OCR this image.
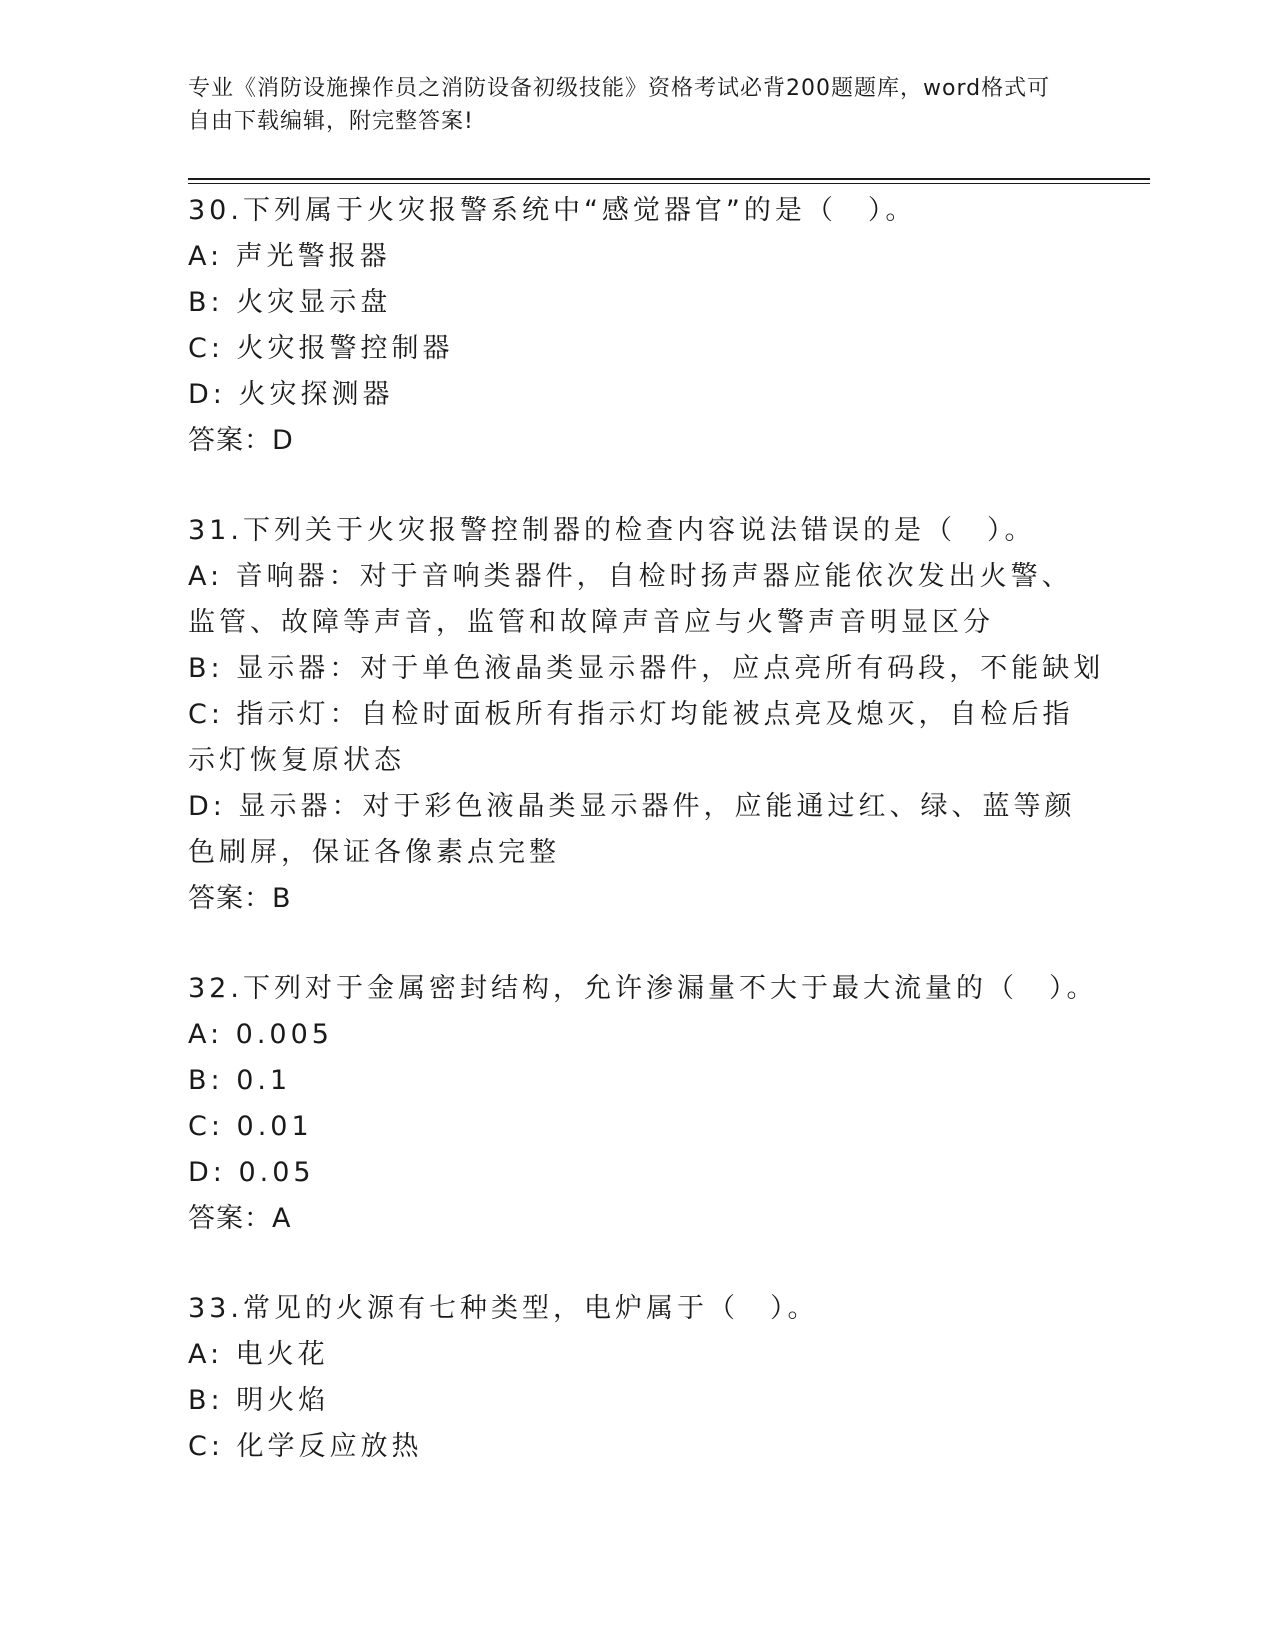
专业《消防设施操作员之消防设备初级技能》资格考试必背200题题库，word格式可自由下载编辑，附完整答案!
30.下列属于火灾报警系统中“感觉器官”的是（　）。
A: 声光警报器
B: 火灾显示盘
C: 火灾报警控制器
D: 火灾探测器
答案：D
31.下列关于火灾报警控制器的检查内容说法错误的是（　）。
A: 音响器：对于音响类器件，自检时扬声器应能依次发出火警、监管、故障等声音，监管和故障声音应与火警声音明显区分
B: 显示器：对于单色液晶类显示器件，应点亮所有码段，不能缺划
C: 指示灯：自检时面板所有指示灯均能被点亮及熄灭，自检后指示灯恢复原状态
D: 显示器：对于彩色液晶类显示器件，应能通过红、绿、蓝等颜色刷屏，保证各像素点完整
答案：B
32.下列对于金属密封结构，允许渗漏量不大于最大流量的（　）。
A: 0.005
B: 0.1
C: 0.01
D: 0.05
答案：A
33.常见的火源有七种类型，电炉属于（　）。
A: 电火花
B: 明火焰
C: 化学反应放热
